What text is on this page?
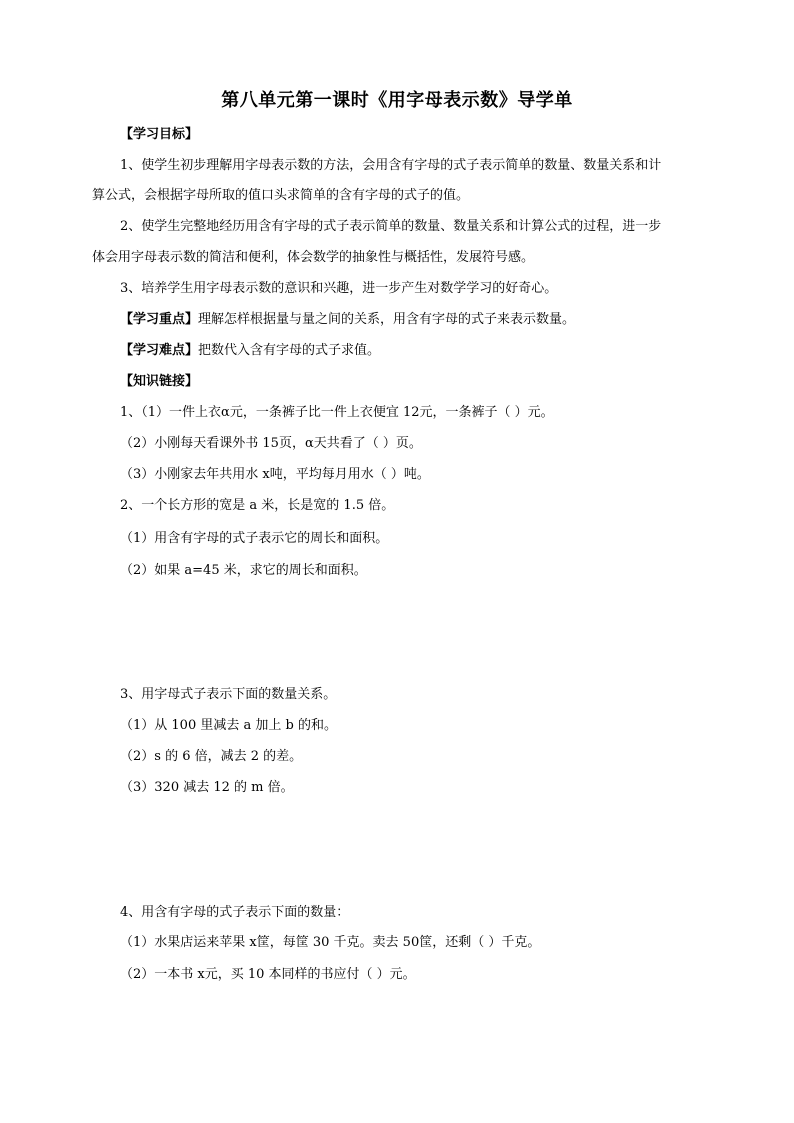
第八单元第一课时《用字母表示数》导学单
【学习目标】
1、使学生初步理解用字母表示数的方法，会用含有字母的式子表示简单的数量、数量关系和计
算公式，会根据字母所取的值口头求简单的含有字母的式子的值。
2、使学生完整地经历用含有字母的式子表示简单的数量、数量关系和计算公式的过程，进一步
体会用字母表示数的简洁和便利，体会数学的抽象性与概括性，发展符号感。
3、培养学生用字母表示数的意识和兴趣，进一步产生对数学学习的好奇心。
【学习重点】理解怎样根据量与量之间的关系，用含有字母的式子来表示数量。
【学习难点】把数代入含有字母的式子求值。
【知识链接】
1、（1）一件上衣α元，一条裤子比一件上衣便宜 12元，一条裤子（ ）元。
（2）小刚每天看课外书 15页，α天共看了（ ）页。
（3）小刚家去年共用水 x吨，平均每月用水（ ）吨。
2、一个长方形的宽是 a 米，长是宽的 1.5 倍。
（1）用含有字母的式子表示它的周长和面积。
（2）如果 a=45 米，求它的周长和面积。
3、用字母式子表示下面的数量关系。
（1）从 100 里减去 a 加上 b 的和。
（2）s 的 6 倍，减去 2 的差。
（3）320 减去 12 的 m 倍。
4、用含有字母的式子表示下面的数量：
（1）水果店运来苹果 x筐，每筐 30 千克。卖去 50筐，还剩（ ）千克。
（2）一本书 x元，买 10 本同样的书应付（ ）元。
